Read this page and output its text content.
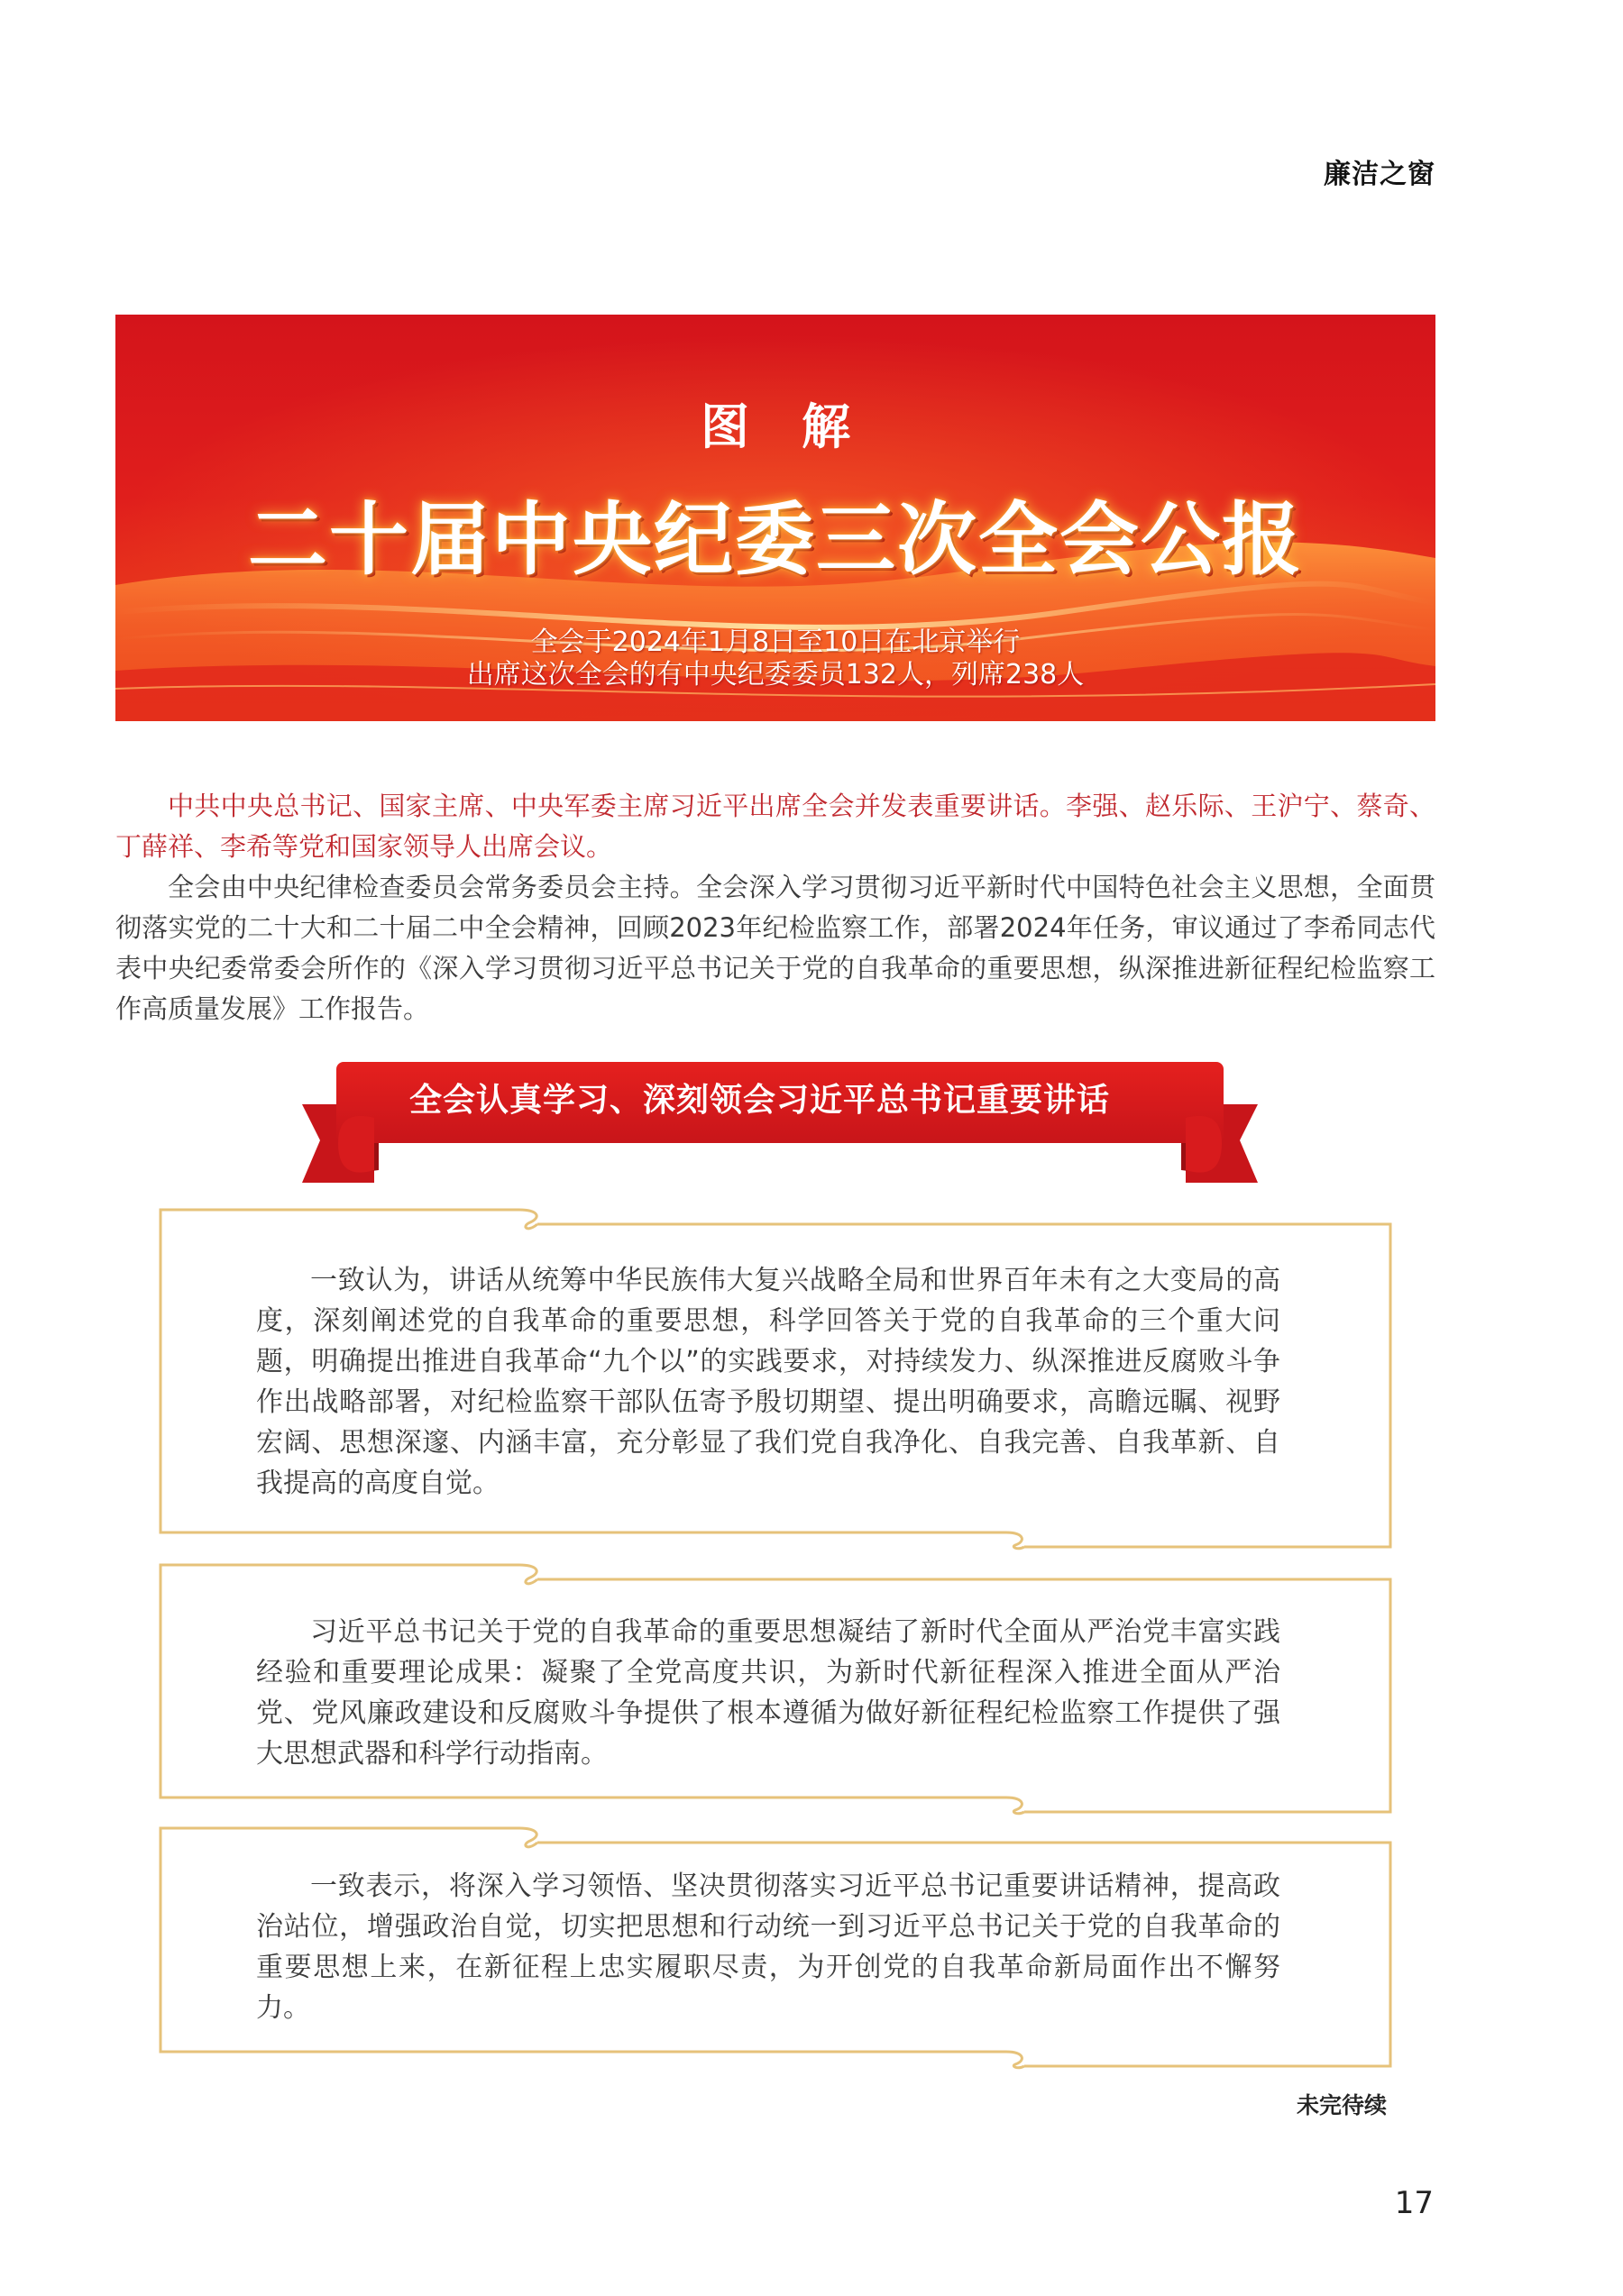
廉洁之窗
图解
二十届中央纪委三次全会公报
全会于2024年1月8日至10日在北京举行
出席这次全会的有中央纪委委员132人，列席238人

中共中央总书记、国家主席、中央军委主席习近平出席全会并发表重要讲话。李强、赵乐际、王沪宁、蔡奇、丁薛祥、李希等党和国家领导人出席会议。

全会由中央纪律检查委员会常务委员会主持。全会深入学习贯彻习近平新时代中国特色社会主义思想，全面贯彻落实党的二十大和二十届二中全会精神，回顾2023年纪检监察工作，部署2024年任务，审议通过了李希同志代表中央纪委常委会所作的《深入学习贯彻习近平总书记关于党的自我革命的重要思想，纵深推进新征程纪检监察工作高质量发展》工作报告。

全会认真学习、深刻领会习近平总书记重要讲话

一致认为，讲话从统筹中华民族伟大复兴战略全局和世界百年未有之大变局的高度，深刻阐述党的自我革命的重要思想，科学回答关于党的自我革命的三个重大问题，明确提出推进自我革命“九个以”的实践要求，对持续发力、纵深推进反腐败斗争作出战略部署，对纪检监察干部队伍寄予殷切期望、提出明确要求，高瞻远瞩、视野宏阔、思想深邃、内涵丰富，充分彰显了我们党自我净化、自我完善、自我革新、自我提高的高度自觉。

习近平总书记关于党的自我革命的重要思想凝结了新时代全面从严治党丰富实践经验和重要理论成果：凝聚了全党高度共识，为新时代新征程深入推进全面从严治党、党风廉政建设和反腐败斗争提供了根本遵循为做好新征程纪检监察工作提供了强大思想武器和科学行动指南。

一致表示，将深入学习领悟、坚决贯彻落实习近平总书记重要讲话精神，提高政治站位，增强政治自觉，切实把思想和行动统一到习近平总书记关于党的自我革命的重要思想上来，在新征程上忠实履职尽责，为开创党的自我革命新局面作出不懈努力。

未完待续
17
